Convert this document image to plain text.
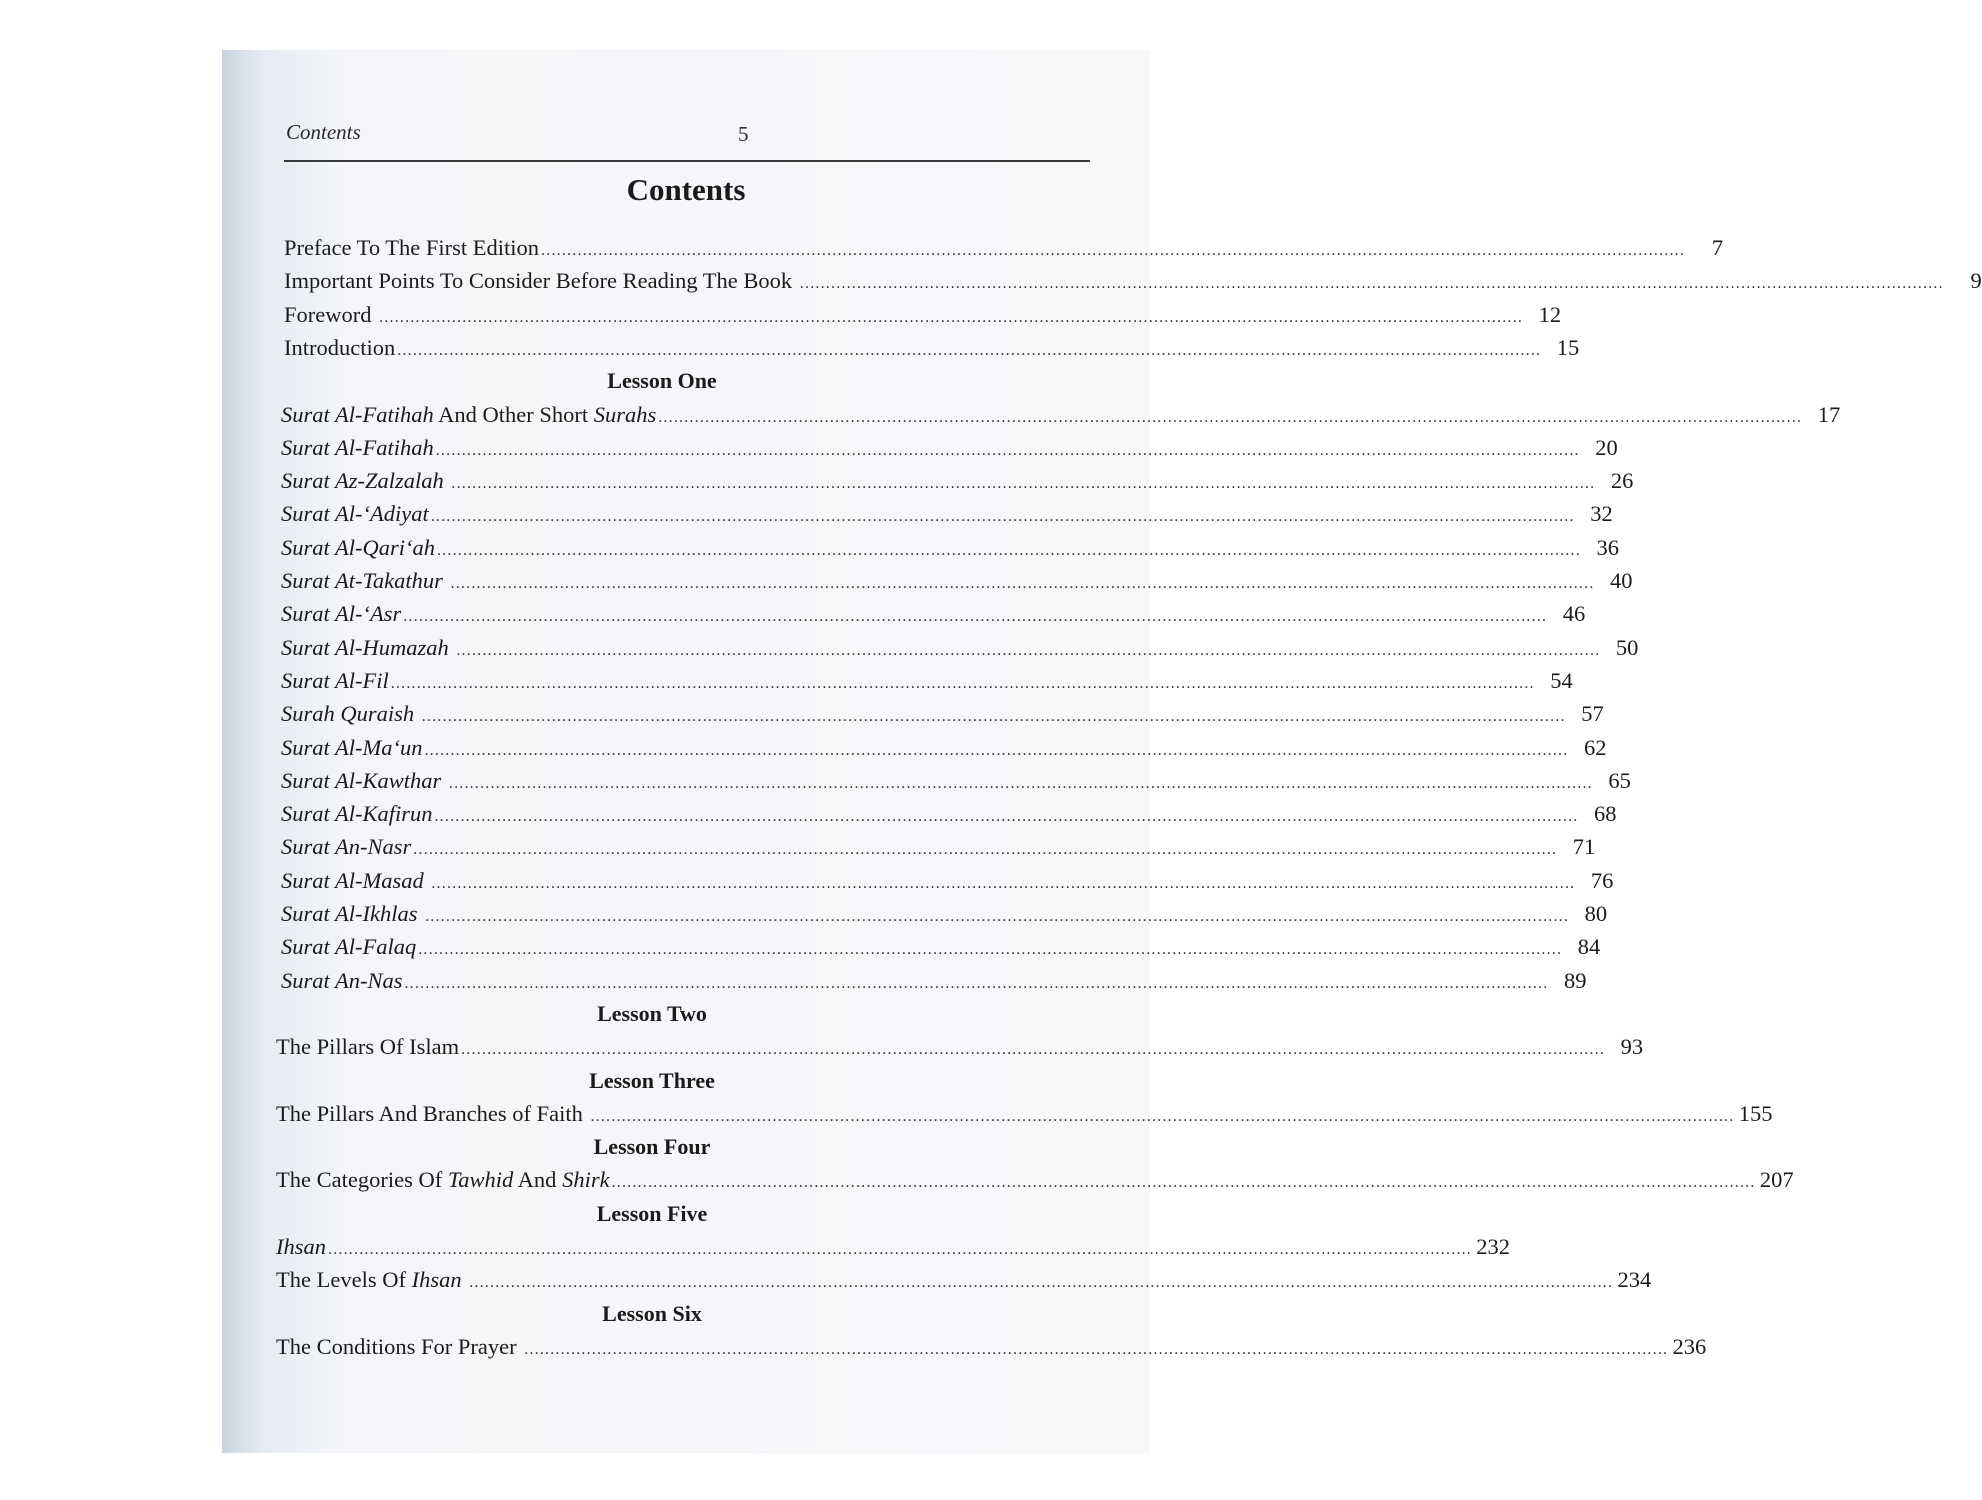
Contents	5
Contents
Preface To The First Edition ............................................................................................................................................................................................................................	7
Important Points To Consider Before Reading The Book ............................................................................................................................................................................................................................	9
Foreword ............................................................................................................................................................................................................................ 12
Introduction ............................................................................................................................................................................................................................ 15
Lesson One
Surat Al-Fatihah And Other Short Surahs ............................................................................................................................................................................................................................ 17
Surat Al-Fatihah ............................................................................................................................................................................................................................ 20
Surat Az-Zalzalah ............................................................................................................................................................................................................................ 26
Surat Al-‘Adiyat ............................................................................................................................................................................................................................ 32
Surat Al-Qari‘ah ............................................................................................................................................................................................................................ 36
Surat At-Takathur ............................................................................................................................................................................................................................ 40
Surat Al-‘Asr ............................................................................................................................................................................................................................ 46
Surat Al-Humazah ............................................................................................................................................................................................................................ 50
Surat Al-Fil ............................................................................................................................................................................................................................ 54
Surah Quraish ............................................................................................................................................................................................................................ 57
Surat Al-Ma‘un ............................................................................................................................................................................................................................ 62
Surat Al-Kawthar ............................................................................................................................................................................................................................ 65
Surat Al-Kafirun ............................................................................................................................................................................................................................ 68
Surat An-Nasr ............................................................................................................................................................................................................................ 71
Surat Al-Masad ............................................................................................................................................................................................................................ 76
Surat Al-Ikhlas ............................................................................................................................................................................................................................ 80
Surat Al-Falaq ............................................................................................................................................................................................................................ 84
Surat An-Nas ............................................................................................................................................................................................................................ 89
Lesson Two
The Pillars Of Islam ............................................................................................................................................................................................................................ 93
Lesson Three
The Pillars And Branches of Faith ............................................................................................................................................................................................................................ 155
Lesson Four
The Categories Of Tawhid And Shirk ............................................................................................................................................................................................................................ 207
Lesson Five
Ihsan ............................................................................................................................................................................................................................ 232
The Levels Of Ihsan ............................................................................................................................................................................................................................ 234
Lesson Six
The Conditions For Prayer ............................................................................................................................................................................................................................ 236
